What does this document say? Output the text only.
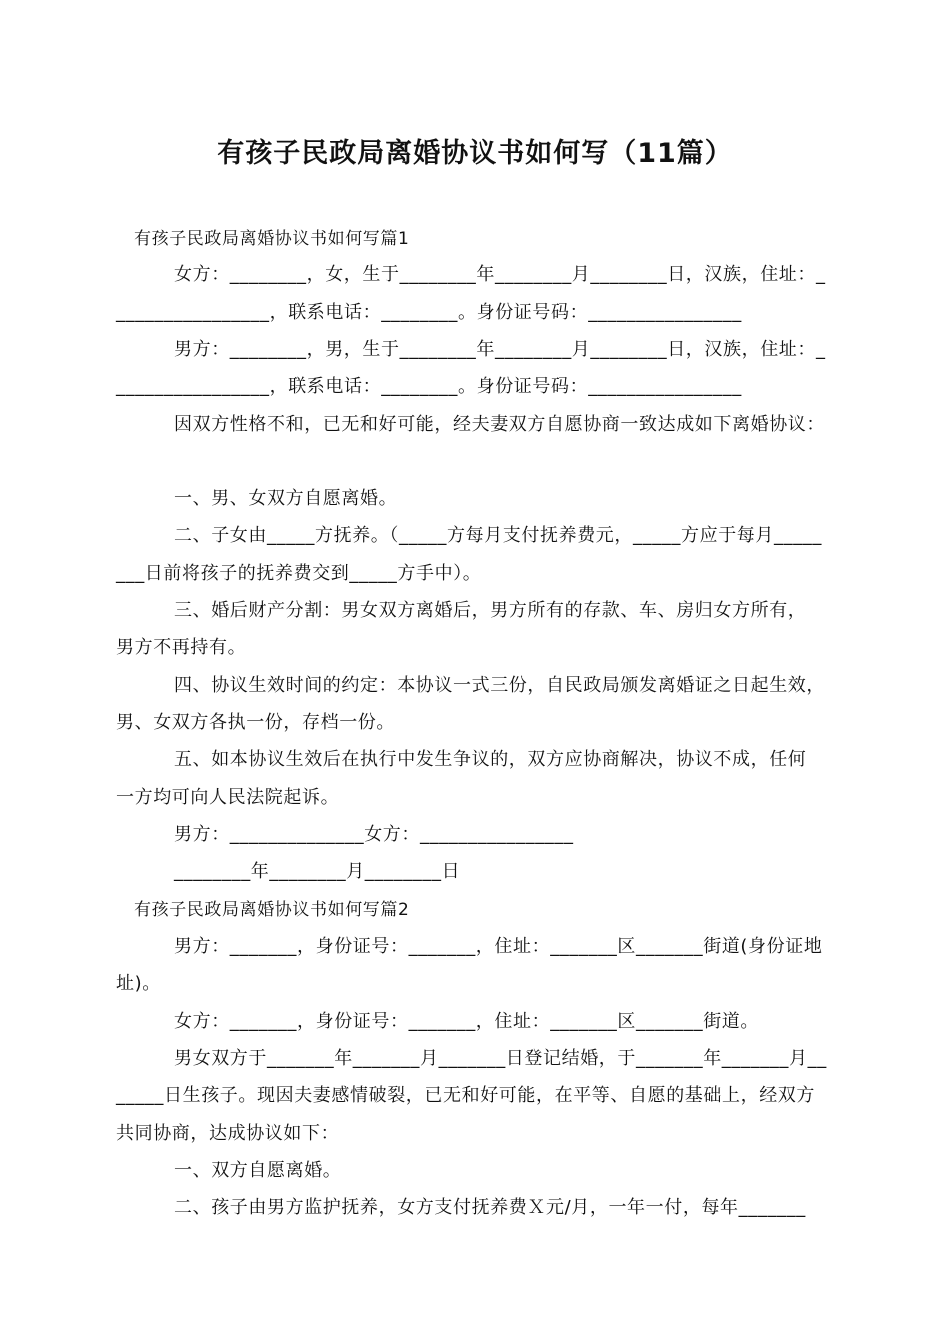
有孩子民政局离婚协议书如何写（11篇）
有孩子民政局离婚协议书如何写篇1
女方：________，女，生于________年________月________日，汉族，住址：_
________________，联系电话：________。身份证号码：________________
男方：________，男，生于________年________月________日，汉族，住址：_
________________，联系电话：________。身份证号码：________________
因双方性格不和，已无和好可能，经夫妻双方自愿协商一致达成如下离婚协议：
一、男、女双方自愿离婚。
二、子女由_____方抚养。（_____方每月支付抚养费元，_____方应于每月_____
___日前将孩子的抚养费交到_____方手中）。
三、婚后财产分割：男女双方离婚后，男方所有的存款、车、房归女方所有，
男方不再持有。
四、协议生效时间的约定：本协议一式三份，自民政局颁发离婚证之日起生效，
男、女双方各执一份，存档一份。
五、如本协议生效后在执行中发生争议的，双方应协商解决，协议不成，任何
一方均可向人民法院起诉。
男方：______________女方：________________
________年________月________日
有孩子民政局离婚协议书如何写篇2
男方：_______，身份证号：_______，住址：_______区_______街道(身份证地
址)。
女方：_______，身份证号：_______，住址：_______区_______街道。
男女双方于_______年_______月_______日登记结婚，于_______年_______月__
_____日生孩子。现因夫妻感情破裂，已无和好可能，在平等、自愿的基础上，经双方
共同协商，达成协议如下：
一、双方自愿离婚。
二、孩子由男方监护抚养，女方支付抚养费Ｘ元/月，一年一付，每年_______
